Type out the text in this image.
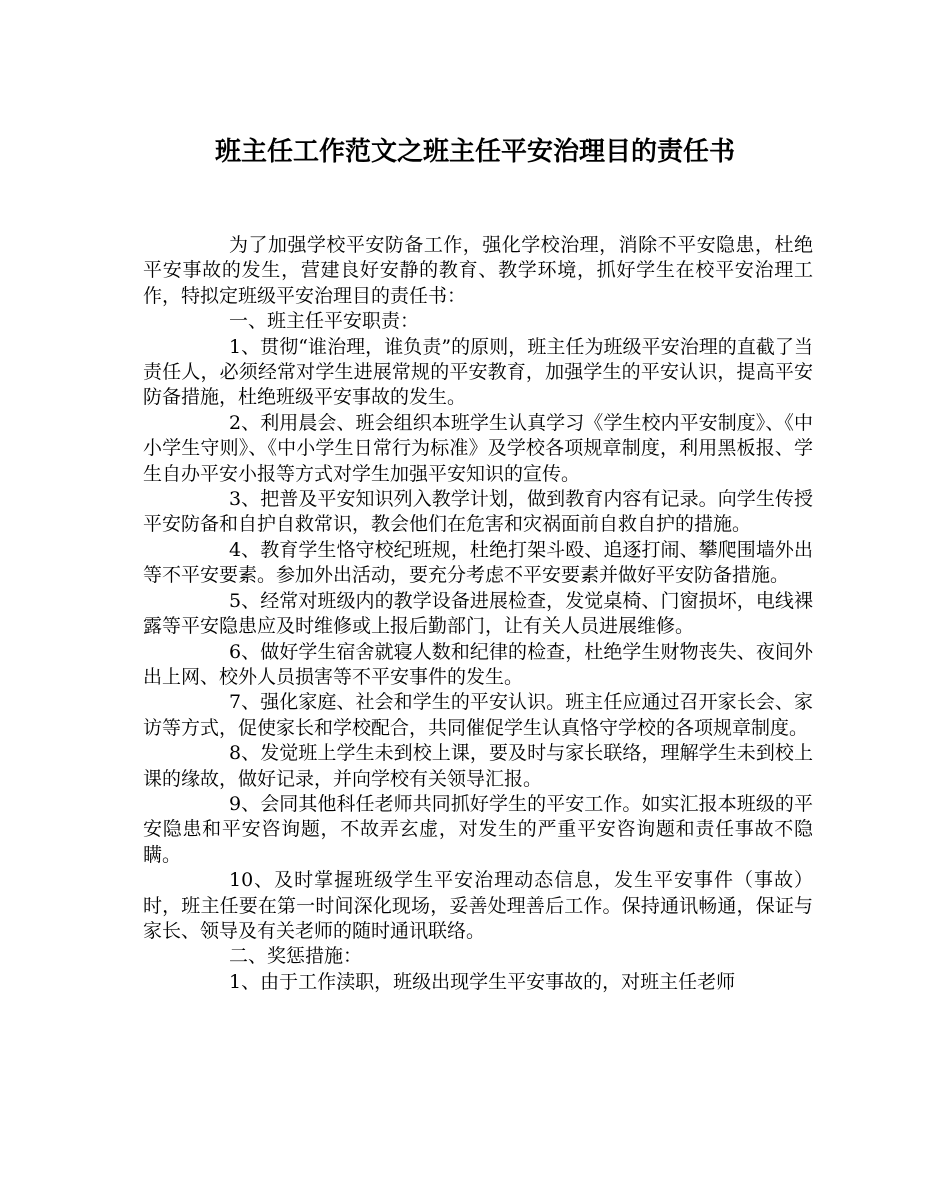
班主任工作范文之班主任平安治理目的责任书

为了加强学校平安防备工作，强化学校治理，消除不平安隐患，杜绝平安事故的发生，营建良好安静的教育、教学环境，抓好学生在校平安治理工作，特拟定班级平安治理目的责任书：

一、班主任平安职责：

1、贯彻“谁治理，谁负责”的原则，班主任为班级平安治理的直截了当责任人，必须经常对学生进展常规的平安教育，加强学生的平安认识，提高平安防备措施，杜绝班级平安事故的发生。

2、利用晨会、班会组织本班学生认真学习《学生校内平安制度》、《中小学生守则》、《中小学生日常行为标准》及学校各项规章制度，利用黑板报、学生自办平安小报等方式对学生加强平安知识的宣传。

3、把普及平安知识列入教学计划，做到教育内容有记录。向学生传授平安防备和自护自救常识，教会他们在危害和灾祸面前自救自护的措施。

4、教育学生恪守校纪班规，杜绝打架斗殴、追逐打闹、攀爬围墙外出等不平安要素。参加外出活动，要充分考虑不平安要素并做好平安防备措施。

5、经常对班级内的教学设备进展检查，发觉桌椅、门窗损坏，电线裸露等平安隐患应及时维修或上报后勤部门，让有关人员进展维修。

6、做好学生宿舍就寝人数和纪律的检查，杜绝学生财物丧失、夜间外出上网、校外人员损害等不平安事件的发生。

7、强化家庭、社会和学生的平安认识。班主任应通过召开家长会、家访等方式，促使家长和学校配合，共同催促学生认真恪守学校的各项规章制度。

8、发觉班上学生未到校上课，要及时与家长联络，理解学生未到校上课的缘故，做好记录，并向学校有关领导汇报。

9、会同其他科任老师共同抓好学生的平安工作。如实汇报本班级的平安隐患和平安咨询题，不故弄玄虚，对发生的严重平安咨询题和责任事故不隐瞒。

10、及时掌握班级学生平安治理动态信息，发生平安事件（事故）时，班主任要在第一时间深化现场，妥善处理善后工作。保持通讯畅通，保证与家长、领导及有关老师的随时通讯联络。

二、奖惩措施：

1、由于工作渎职，班级出现学生平安事故的，对班主任老师
